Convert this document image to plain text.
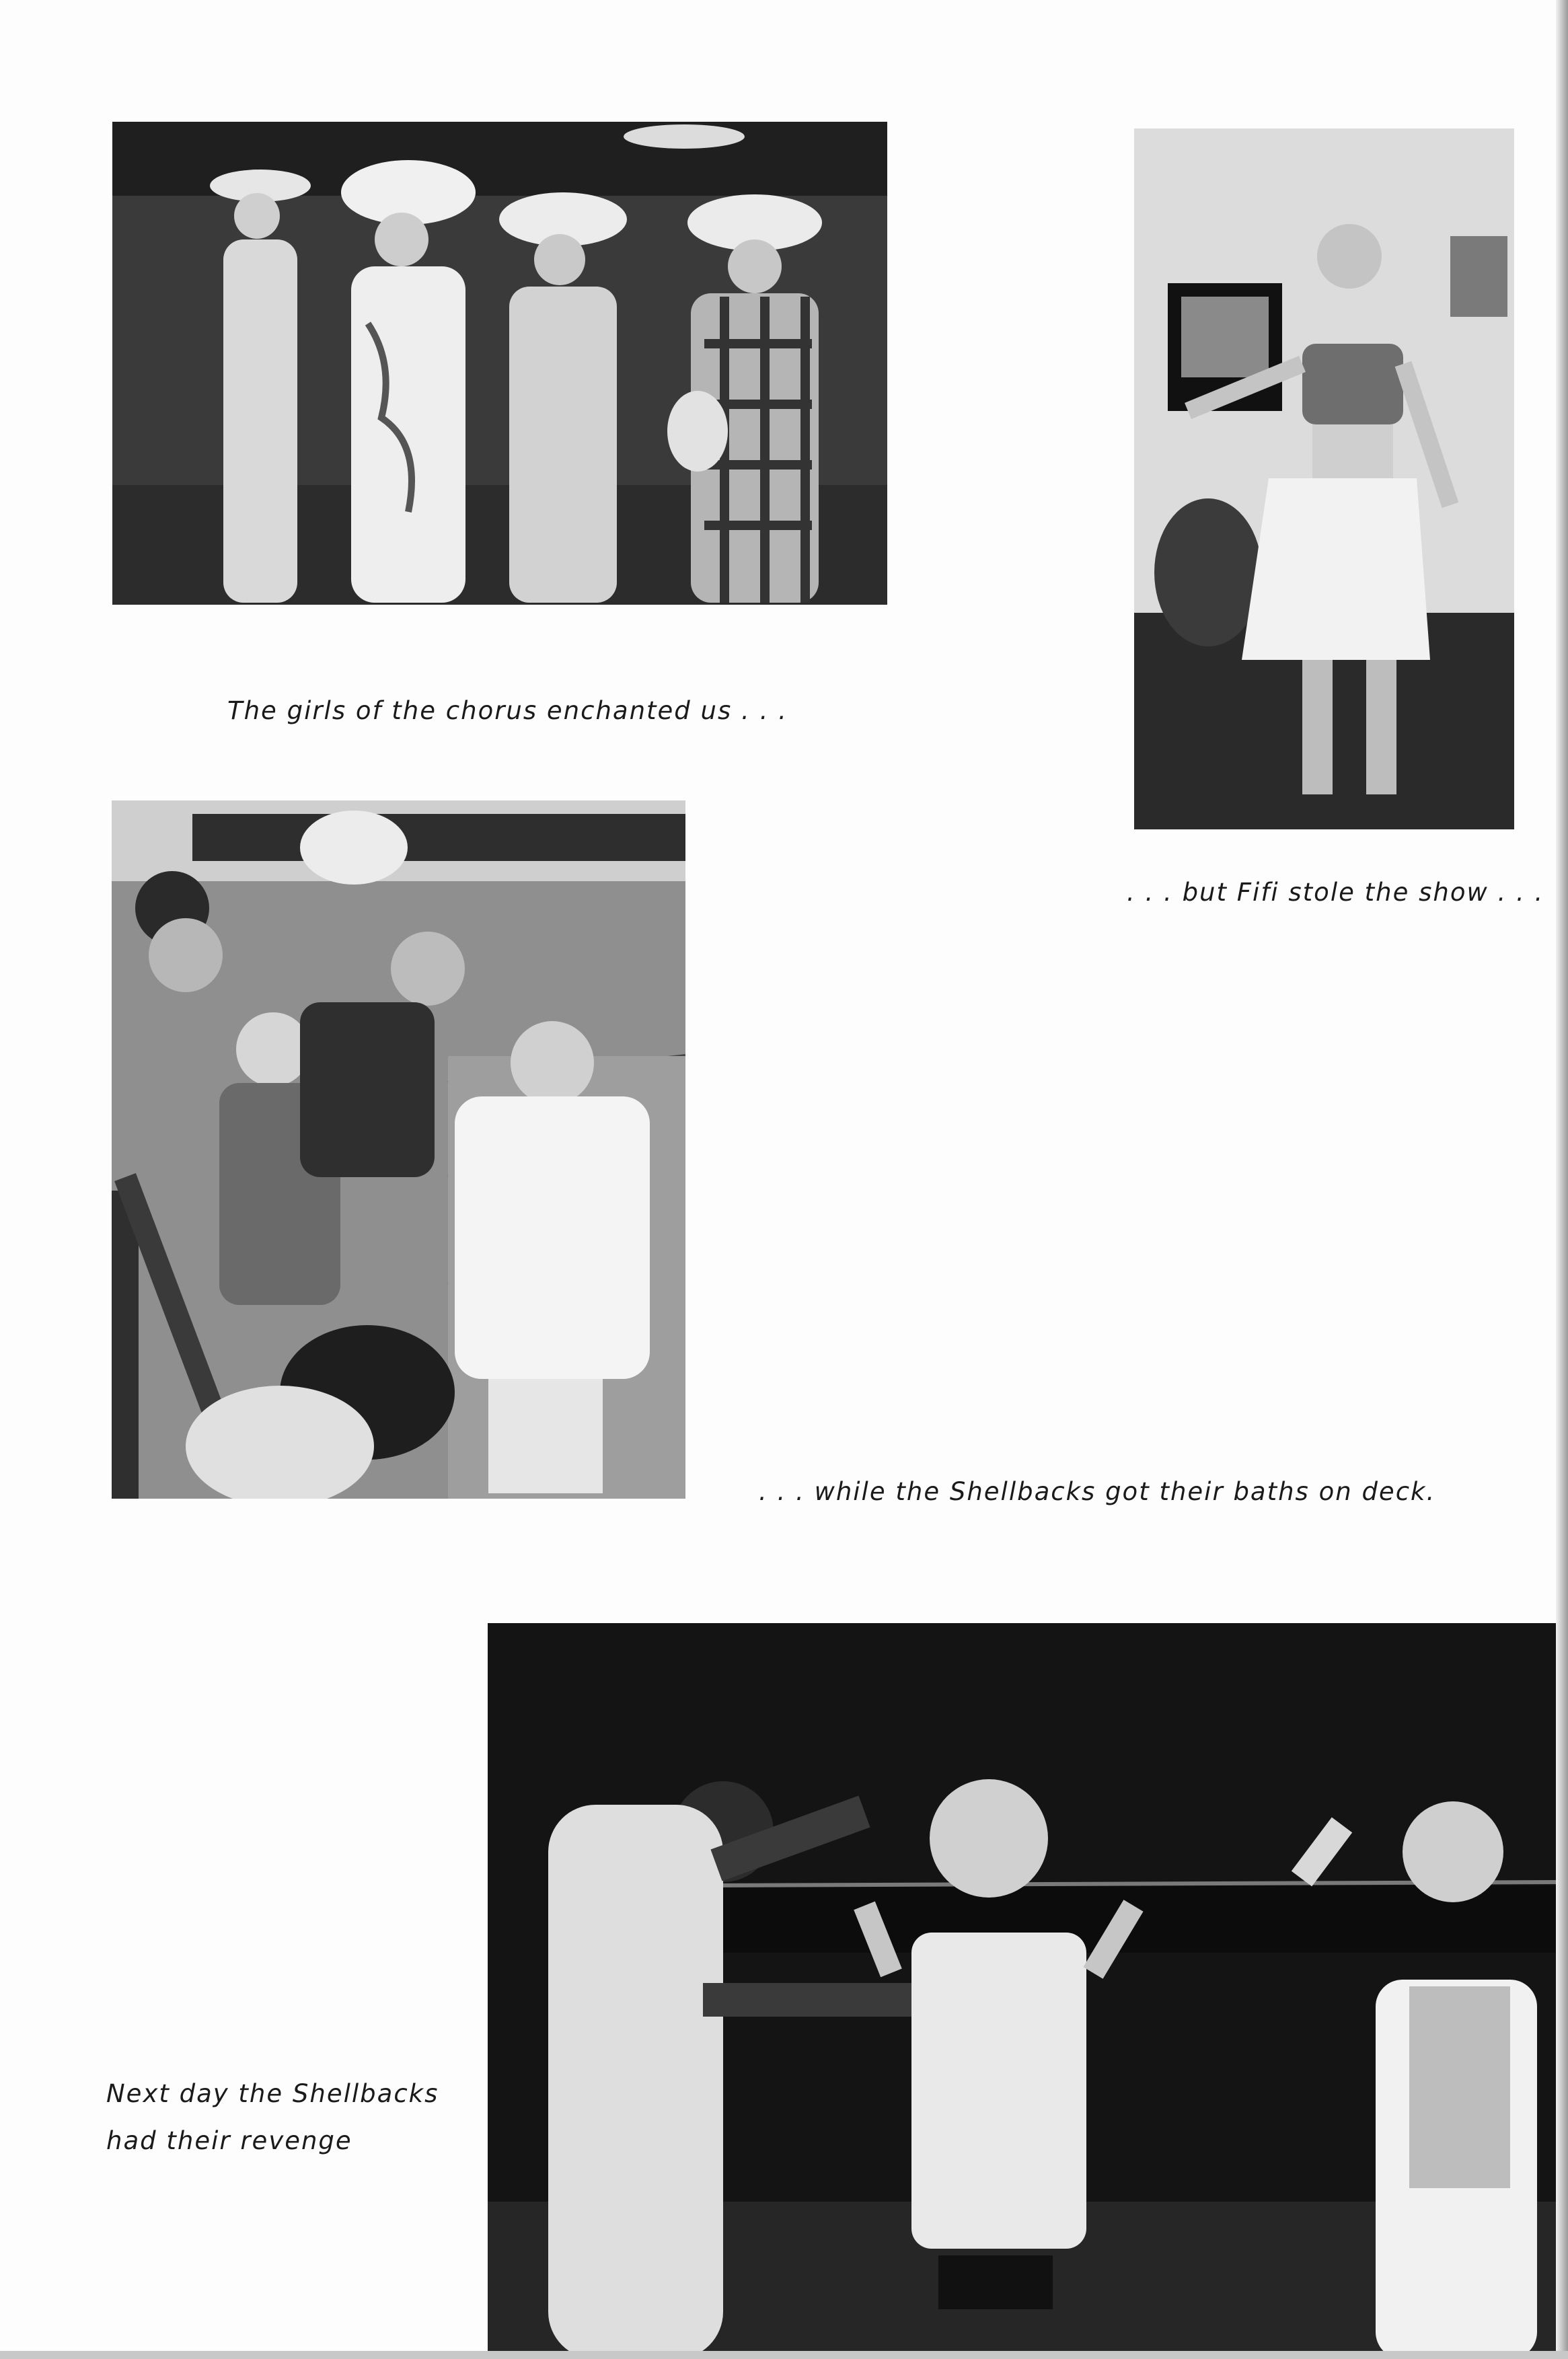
The girls of the chorus enchanted us . . .
. . . but Fifi stole the show . . .
. . . while the Shellbacks got their baths on deck.
Next day the Shellbacks
had their revenge
